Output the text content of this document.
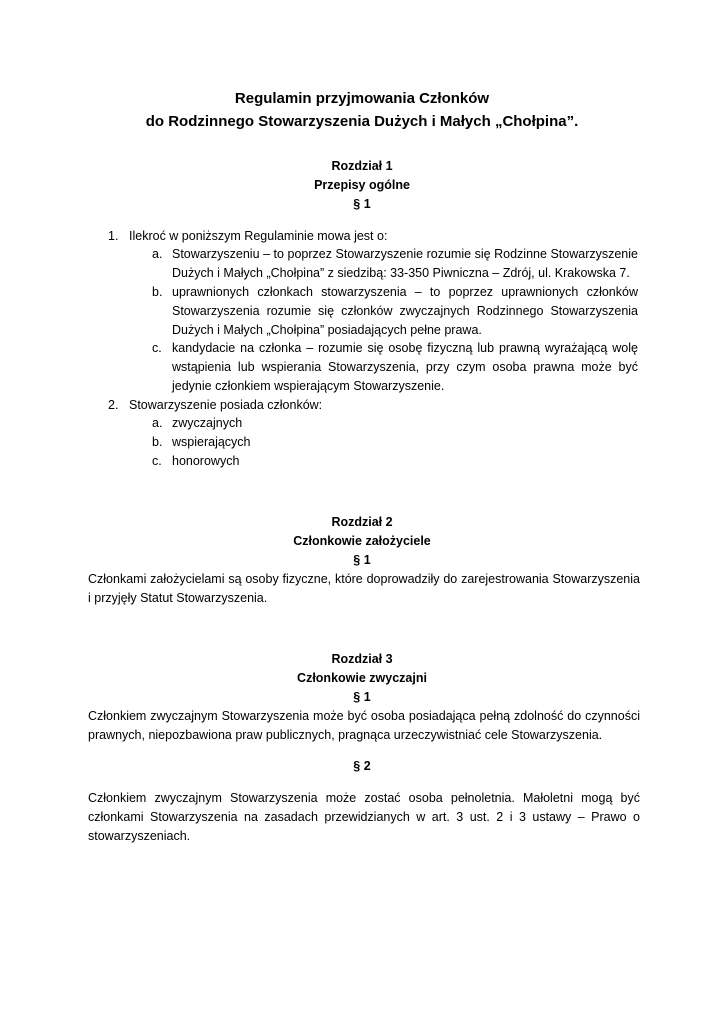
Regulamin przyjmowania Członków
do Rodzinnego Stowarzyszenia Dużych i Małych „Chołpina”.
Rozdział 1
Przepisy ogólne
§ 1
1. Ilekroć w poniższym Regulaminie mowa jest o:
a. Stowarzyszeniu – to poprzez Stowarzyszenie rozumie się Rodzinne Stowarzyszenie Dużych i Małych „Chołpina” z siedzibą: 33-350 Piwniczna – Zdrój, ul. Krakowska 7.
b. uprawnionych członkach stowarzyszenia – to poprzez uprawnionych członków Stowarzyszenia rozumie się członków zwyczajnych Rodzinnego Stowarzyszenia Dużych i Małych „Chołpina” posiadających pełne prawa.
c. kandydacie na członka – rozumie się osobę fizyczną lub prawną wyrażającą wolę wstąpienia lub wspierania Stowarzyszenia, przy czym osoba prawna może być jedynie członkiem wspierającym Stowarzyszenie.
2. Stowarzyszenie posiada członków:
a. zwyczajnych
b. wspierających
c. honorowych
Rozdział 2
Członkowie założyciele
§ 1
Członkami założycielami są osoby fizyczne, które doprowadziły do zarejestrowania Stowarzyszenia i przyjęły Statut Stowarzyszenia.
Rozdział 3
Członkowie zwyczajni
§ 1
Członkiem zwyczajnym Stowarzyszenia może być osoba posiadająca pełną zdolność do czynności prawnych, niepozbawiona praw publicznych, pragnąca urzeczywistniać cele Stowarzyszenia.
§ 2
Członkiem zwyczajnym Stowarzyszenia może zostać osoba pełnoletnia. Małoletni mogą być członkami Stowarzyszenia na zasadach przewidzianych w art. 3 ust. 2 i 3 ustawy – Prawo o stowarzyszeniach.
